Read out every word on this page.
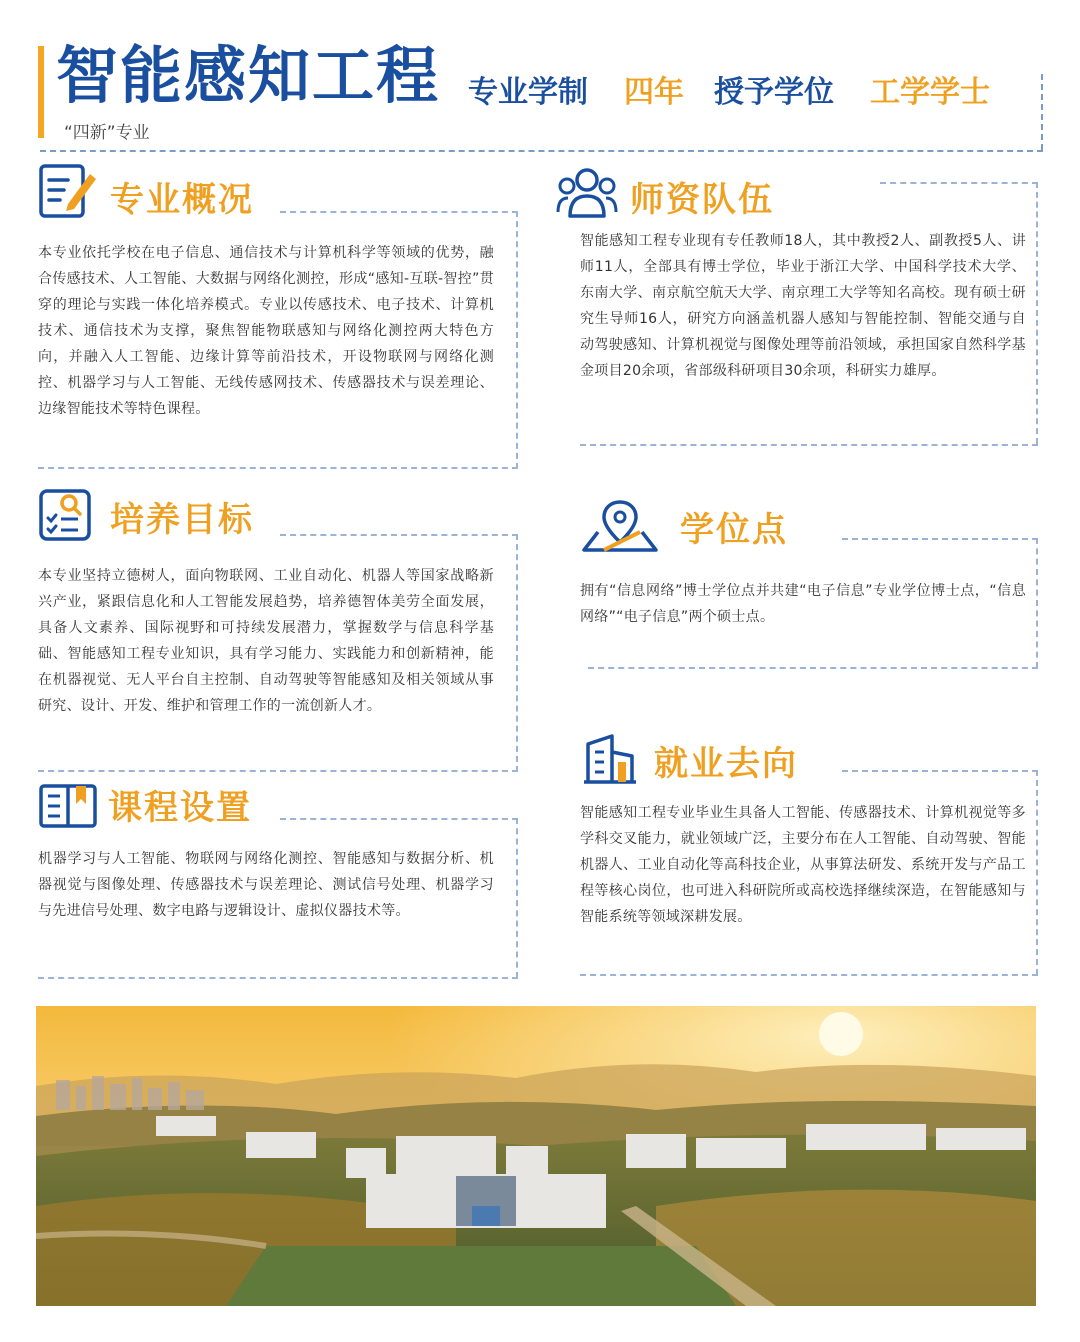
智能感知工程
“四新”专业
专业学制 四年 授予学位 工学学士
专业概况
本专业依托学校在电子信息、通信技术与计算机科学等领域的优势，融合传感技术、人工智能、大数据与网络化测控，形成“感知-互联-智控”贯穿的理论与实践一体化培养模式。专业以传感技术、电子技术、计算机技术、通信技术为支撑，聚焦智能物联感知与网络化测控两大特色方向，并融入人工智能、边缘计算等前沿技术，开设物联网与网络化测控、机器学习与人工智能、无线传感网技术、传感器技术与误差理论、边缘智能技术等特色课程。
师资队伍
智能感知工程专业现有专任教师18人，其中教授2人、副教授5人、讲师11人，全部具有博士学位，毕业于浙江大学、中国科学技术大学、东南大学、南京航空航天大学、南京理工大学等知名高校。现有硕士研究生导师16人，研究方向涵盖机器人感知与智能控制、智能交通与自动驾驶感知、计算机视觉与图像处理等前沿领域，承担国家自然科学基金项目20余项，省部级科研项目30余项，科研实力雄厚。
培养目标
本专业坚持立德树人，面向物联网、工业自动化、机器人等国家战略新兴产业，紧跟信息化和人工智能发展趋势，培养德智体美劳全面发展，具备人文素养、国际视野和可持续发展潜力，掌握数学与信息科学基础、智能感知工程专业知识，具有学习能力、实践能力和创新精神，能在机器视觉、无人平台自主控制、自动驾驶等智能感知及相关领域从事研究、设计、开发、维护和管理工作的一流创新人才。
学位点
拥有“信息网络”博士学位点并共建“电子信息”专业学位博士点，“信息网络”“电子信息”两个硕士点。
课程设置
机器学习与人工智能、物联网与网络化测控、智能感知与数据分析、机器视觉与图像处理、传感器技术与误差理论、测试信号处理、机器学习与先进信号处理、数字电路与逻辑设计、虚拟仪器技术等。
就业去向
智能感知工程专业毕业生具备人工智能、传感器技术、计算机视觉等多学科交叉能力，就业领域广泛，主要分布在人工智能、自动驾驶、智能机器人、工业自动化等高科技企业，从事算法研发、系统开发与产品工程等核心岗位，也可进入科研院所或高校选择继续深造，在智能感知与智能系统等领域深耕发展。
